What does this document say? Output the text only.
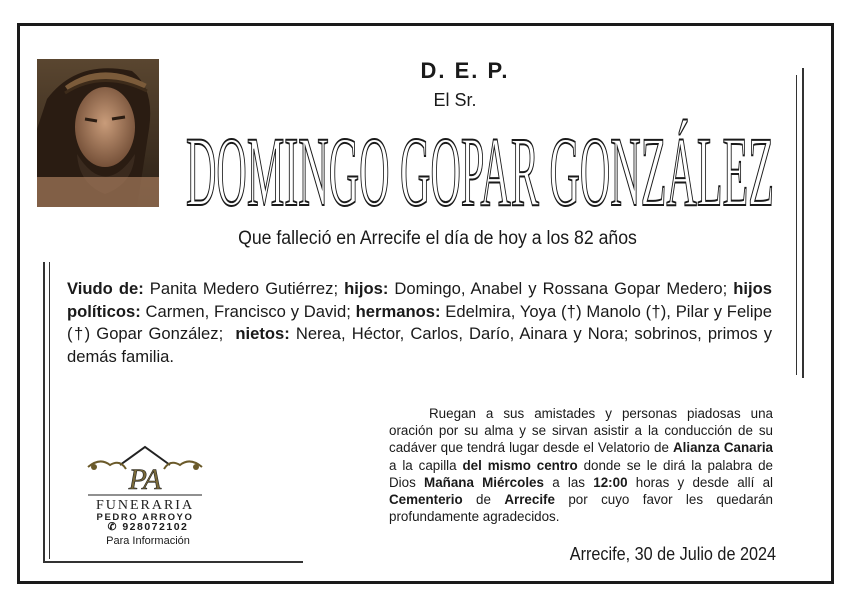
D. E. P.
El Sr.
DOMINGO GOPAR GONZÁLEZ
Que falleció en Arrecife el día de hoy a los 82 años
Viudo de: Panita Medero Gutiérrez; hijos: Domingo, Anabel y Rossana Gopar Medero; hijos políticos: Carmen, Francisco y David; hermanos: Edelmira, Yoya (†) Manolo (†), Pilar y Felipe (†) Gopar González;  nietos: Nerea, Héctor, Carlos, Darío, Ainara y Nora; sobrinos, primos y demás familia.

Ruegan a sus amistades y personas piadosas una oración por su alma y se sirvan asistir a la conducción de su cadáver que tendrá lugar desde el Velatorio de Alianza Canaria a la capilla del mismo centro donde se le dirá la palabra de Dios Mañana Miércoles a las 12:00 horas y desde allí al Cementerio de Arrecife por cuyo favor les quedarán profundamente agradecidos.

PA
FUNERARIA
PEDRO ARROYO
✆ 928072102
Para Información
Arrecife, 30 de Julio de 2024
